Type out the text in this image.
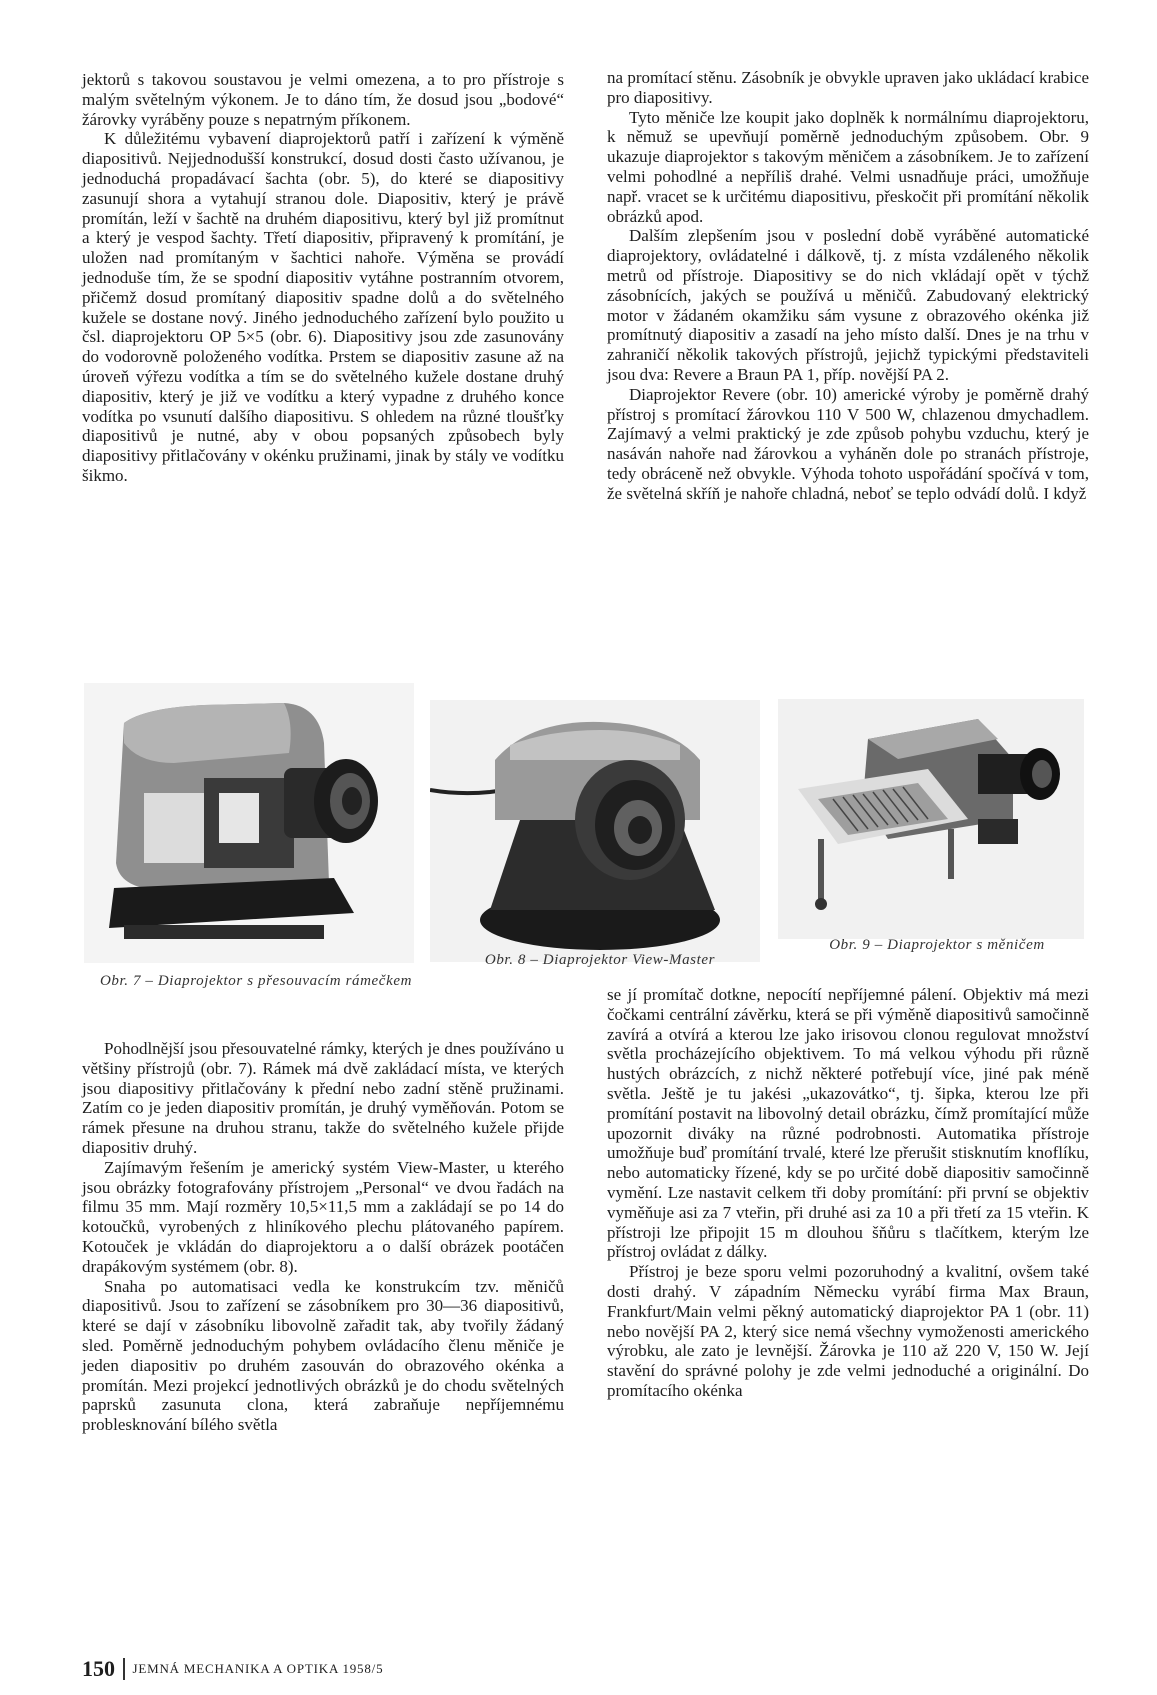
jektorů s takovou soustavou je velmi omezena, a to pro přístroje s malým světelným výkonem. Je to dáno tím, že dosud jsou „bodové“ žárovky vyráběny pouze s nepatrným příkonem.

K důležitému vybavení diaprojektorů patří i zařízení k výměně diapositivů. Nejjednodušší konstrukcí, dosud dosti často užívanou, je jednoduchá propadávací šachta (obr. 5), do které se diapositivy zasunují shora a vytahují stranou dole. Diapositiv, který je právě promítán, leží v šachtě na druhém diapositivu, který byl již promítnut a který je vespod šachty. Třetí diapositiv, připravený k promítání, je uložen nad promítaným v šachtici nahoře. Výměna se provádí jednoduše tím, že se spodní diapositiv vytáhne postranním otvorem, přičemž dosud promítaný diapositiv spadne dolů a do světelného kužele se dostane nový. Jiného jednoduchého zařízení bylo použito u čsl. diaprojektoru OP 5×5 (obr. 6). Diapositivy jsou zde zasunovány do vodorovně položeného vodítka. Prstem se diapositiv zasune až na úroveň výřezu vodítka a tím se do světelného kužele dostane druhý diapositiv, který je již ve vodítku a který vypadne z druhého konce vodítka po vsunutí dalšího diapositivu. S ohledem na různé tloušťky diapositivů je nutné, aby v obou popsaných způsobech byly diapositivy přitlačovány v okénku pružinami, jinak by stály ve vodítku šikmo.

na promítací stěnu. Zásobník je obvykle upraven jako ukládací krabice pro diapositivy.

Tyto měniče lze koupit jako doplněk k normálnímu diaprojektoru, k němuž se upevňují poměrně jednoduchým způsobem. Obr. 9 ukazuje diaprojektor s takovým měničem a zásobníkem. Je to zařízení velmi pohodlné a nepříliš drahé. Velmi usnadňuje práci, umožňuje např. vracet se k určitému diapositivu, přeskočit při promítání několik obrázků apod.

Dalším zlepšením jsou v poslední době vyráběné automatické diaprojektory, ovládatelné i dálkově, tj. z místa vzdáleného několik metrů od přístroje. Diapositivy se do nich vkládají opět v týchž zásobnících, jakých se používá u měničů. Zabudovaný elektrický motor v žádaném okamžiku sám vysune z obrazového okénka již promítnutý diapositiv a zasadí na jeho místo další. Dnes je na trhu v zahraničí několik takových přístrojů, jejichž typickými představiteli jsou dva: Revere a Braun PA 1, příp. novější PA 2.

Diaprojektor Revere (obr. 10) americké výroby je poměrně drahý přístroj s promítací žárovkou 110 V 500 W, chlazenou dmychadlem. Zajímavý a velmi praktický je zde způsob pohybu vzduchu, který je nasáván nahoře nad žárovkou a vyháněn dole po stranách přístroje, tedy obráceně než obvykle. Výhoda tohoto uspořádání spočívá v tom, že světelná skříň je nahoře chladná, neboť se teplo odvádí dolů. I když

Obr. 7 – Diaprojektor s přesouvacím rámečkem
Obr. 8 – Diaprojektor View-Master
Obr. 9 – Diaprojektor s měničem

Pohodlnější jsou přesouvatelné rámky, kterých je dnes používáno u většiny přístrojů (obr. 7). Rámek má dvě zakládací místa, ve kterých jsou diapositivy přitlačovány k přední nebo zadní stěně pružinami. Zatím co je jeden diapositiv promítán, je druhý vyměňován. Potom se rámek přesune na druhou stranu, takže do světelného kužele přijde diapositiv druhý.

Zajímavým řešením je americký systém View-Master, u kterého jsou obrázky fotografovány přístrojem „Personal“ ve dvou řadách na filmu 35 mm. Mají rozměry 10,5×11,5 mm a zakládají se po 14 do kotoučků, vyrobených z hliníkového plechu plátovaného papírem. Kotouček je vkládán do diaprojektoru a o další obrázek pootáčen drapákovým systémem (obr. 8).

Snaha po automatisaci vedla ke konstrukcím tzv. měničů diapositivů. Jsou to zařízení se zásobníkem pro 30—36 diapositivů, které se dají v zásobníku libovolně zařadit tak, aby tvořily žádaný sled. Poměrně jednoduchým pohybem ovládacího členu měniče je jeden diapositiv po druhém zasouván do obrazového okénka a promítán. Mezi projekcí jednotlivých obrázků je do chodu světelných paprsků zasunuta clona, která zabraňuje nepříjemnému problesknování bílého světla

se jí promítač dotkne, nepocítí nepříjemné pálení. Objektiv má mezi čočkami centrální závěrku, která se při výměně diapositivů samočinně zavírá a otvírá a kterou lze jako irisovou clonou regulovat množství světla procházejícího objektivem. To má velkou výhodu při různě hustých obrázcích, z nichž některé potřebují více, jiné pak méně světla. Ještě je tu jakési „ukazovátko“, tj. šipka, kterou lze při promítání postavit na libovolný detail obrázku, čímž promítající může upozornit diváky na různé podrobnosti. Automatika přístroje umožňuje buď promítání trvalé, které lze přerušit stisknutím knoflíku, nebo automaticky řízené, kdy se po určité době diapositiv samočinně vymění. Lze nastavit celkem tři doby promítání: při první se objektiv vyměňuje asi za 7 vteřin, při druhé asi za 10 a při třetí za 15 vteřin. K přístroji lze připojit 15 m dlouhou šňůru s tlačítkem, kterým lze přístroj ovládat z dálky.

Přístroj je beze sporu velmi pozoruhodný a kvalitní, ovšem také dosti drahý. V západním Německu vyrábí firma Max Braun, Frankfurt/Main velmi pěkný automatický diaprojektor PA 1 (obr. 11) nebo novější PA 2, který sice nemá všechny vymoženosti amerického výrobku, ale zato je levnější. Žárovka je 110 až 220 V, 150 W. Její stavění do správné polohy je zde velmi jednoduché a originální. Do promítacího okénka

150 JEMNÁ MECHANIKA A OPTIKA 1958/5
